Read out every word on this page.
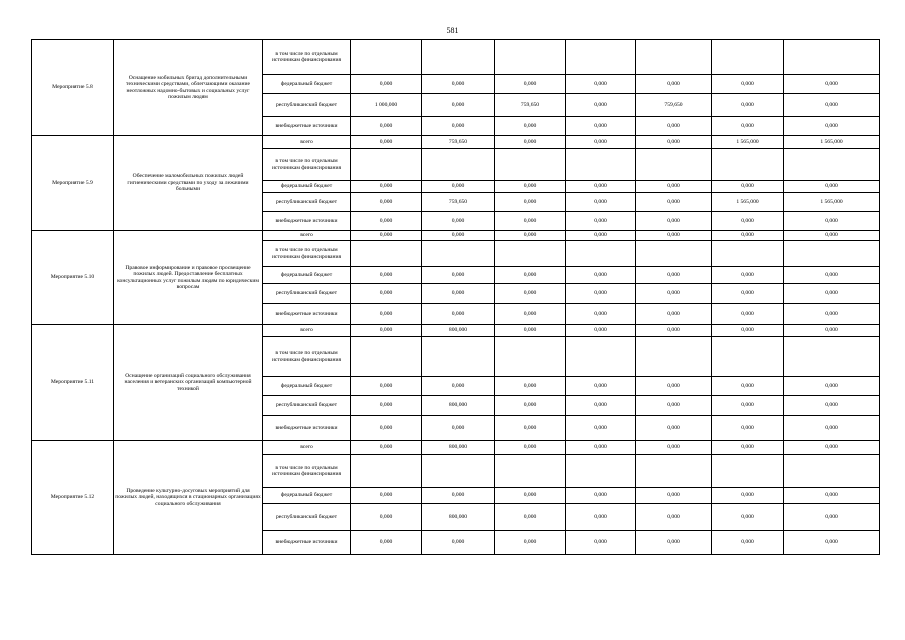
581
Мероприятие 5.8	Оснащение мобильных бригад дополнительными техническими средствами, облегчающими оказание неотложных надомно-бытовых и социальных услуг пожилым людям	в том числе по отдельным источникам финансирования							
		федеральный бюджет	0,000	0,000	0,000	0,000	0,000	0,000	0,000
		республиканский бюджет	1 000,000	0,000	759,650	0,000	759,650	0,000	0,000
		внебюджетные источники	0,000	0,000	0,000	0,000	0,000	0,000	0,000
Мероприятие 5.9	Обеспечение маломобильных пожилых людей гигиеническими средствами по уходу за лежачими больными	всего	0,000	759,650	0,000	0,000	0,000	1 565,000	1 565,000
		в том числе по отдельным источникам финансирования							
		федеральный бюджет	0,000	0,000	0,000	0,000	0,000	0,000	0,000
		республиканский бюджет	0,000	759,650	0,000	0,000	0,000	1 565,000	1 565,000
		внебюджетные источники	0,000	0,000	0,000	0,000	0,000	0,000	0,000
Мероприятие 5.10	Правовое информирование и правовое просвещение пожилых людей. Предоставление бесплатных консультационных услуг пожилым людям по юридическим вопросам	всего	0,000	0,000	0,000	0,000	0,000	0,000	0,000
		в том числе по отдельным источникам финансирования							
		федеральный бюджет	0,000	0,000	0,000	0,000	0,000	0,000	0,000
		республиканский бюджет	0,000	0,000	0,000	0,000	0,000	0,000	0,000
		внебюджетные источники	0,000	0,000	0,000	0,000	0,000	0,000	0,000
Мероприятие 5.11	Оснащение организаций социального обслуживания населения и ветеранских организаций компьютерной техникой	всего	0,000	800,000	0,000	0,000	0,000	0,000	0,000
		в том числе по отдельным источникам финансирования							
		федеральный бюджет	0,000	0,000	0,000	0,000	0,000	0,000	0,000
		республиканский бюджет	0,000	800,000	0,000	0,000	0,000	0,000	0,000
		внебюджетные источники	0,000	0,000	0,000	0,000	0,000	0,000	0,000
Мероприятие 5.12	Проведение культурно-досуговых мероприятий для пожилых людей, находящихся в стационарных организациях социального обслуживания	всего	0,000	800,000	0,000	0,000	0,000	0,000	0,000
		в том числе по отдельным источникам финансирования							
		федеральный бюджет	0,000	0,000	0,000	0,000	0,000	0,000	0,000
		республиканский бюджет	0,000	800,000	0,000	0,000	0,000	0,000	0,000
		внебюджетные источники	0,000	0,000	0,000	0,000	0,000	0,000	0,000
